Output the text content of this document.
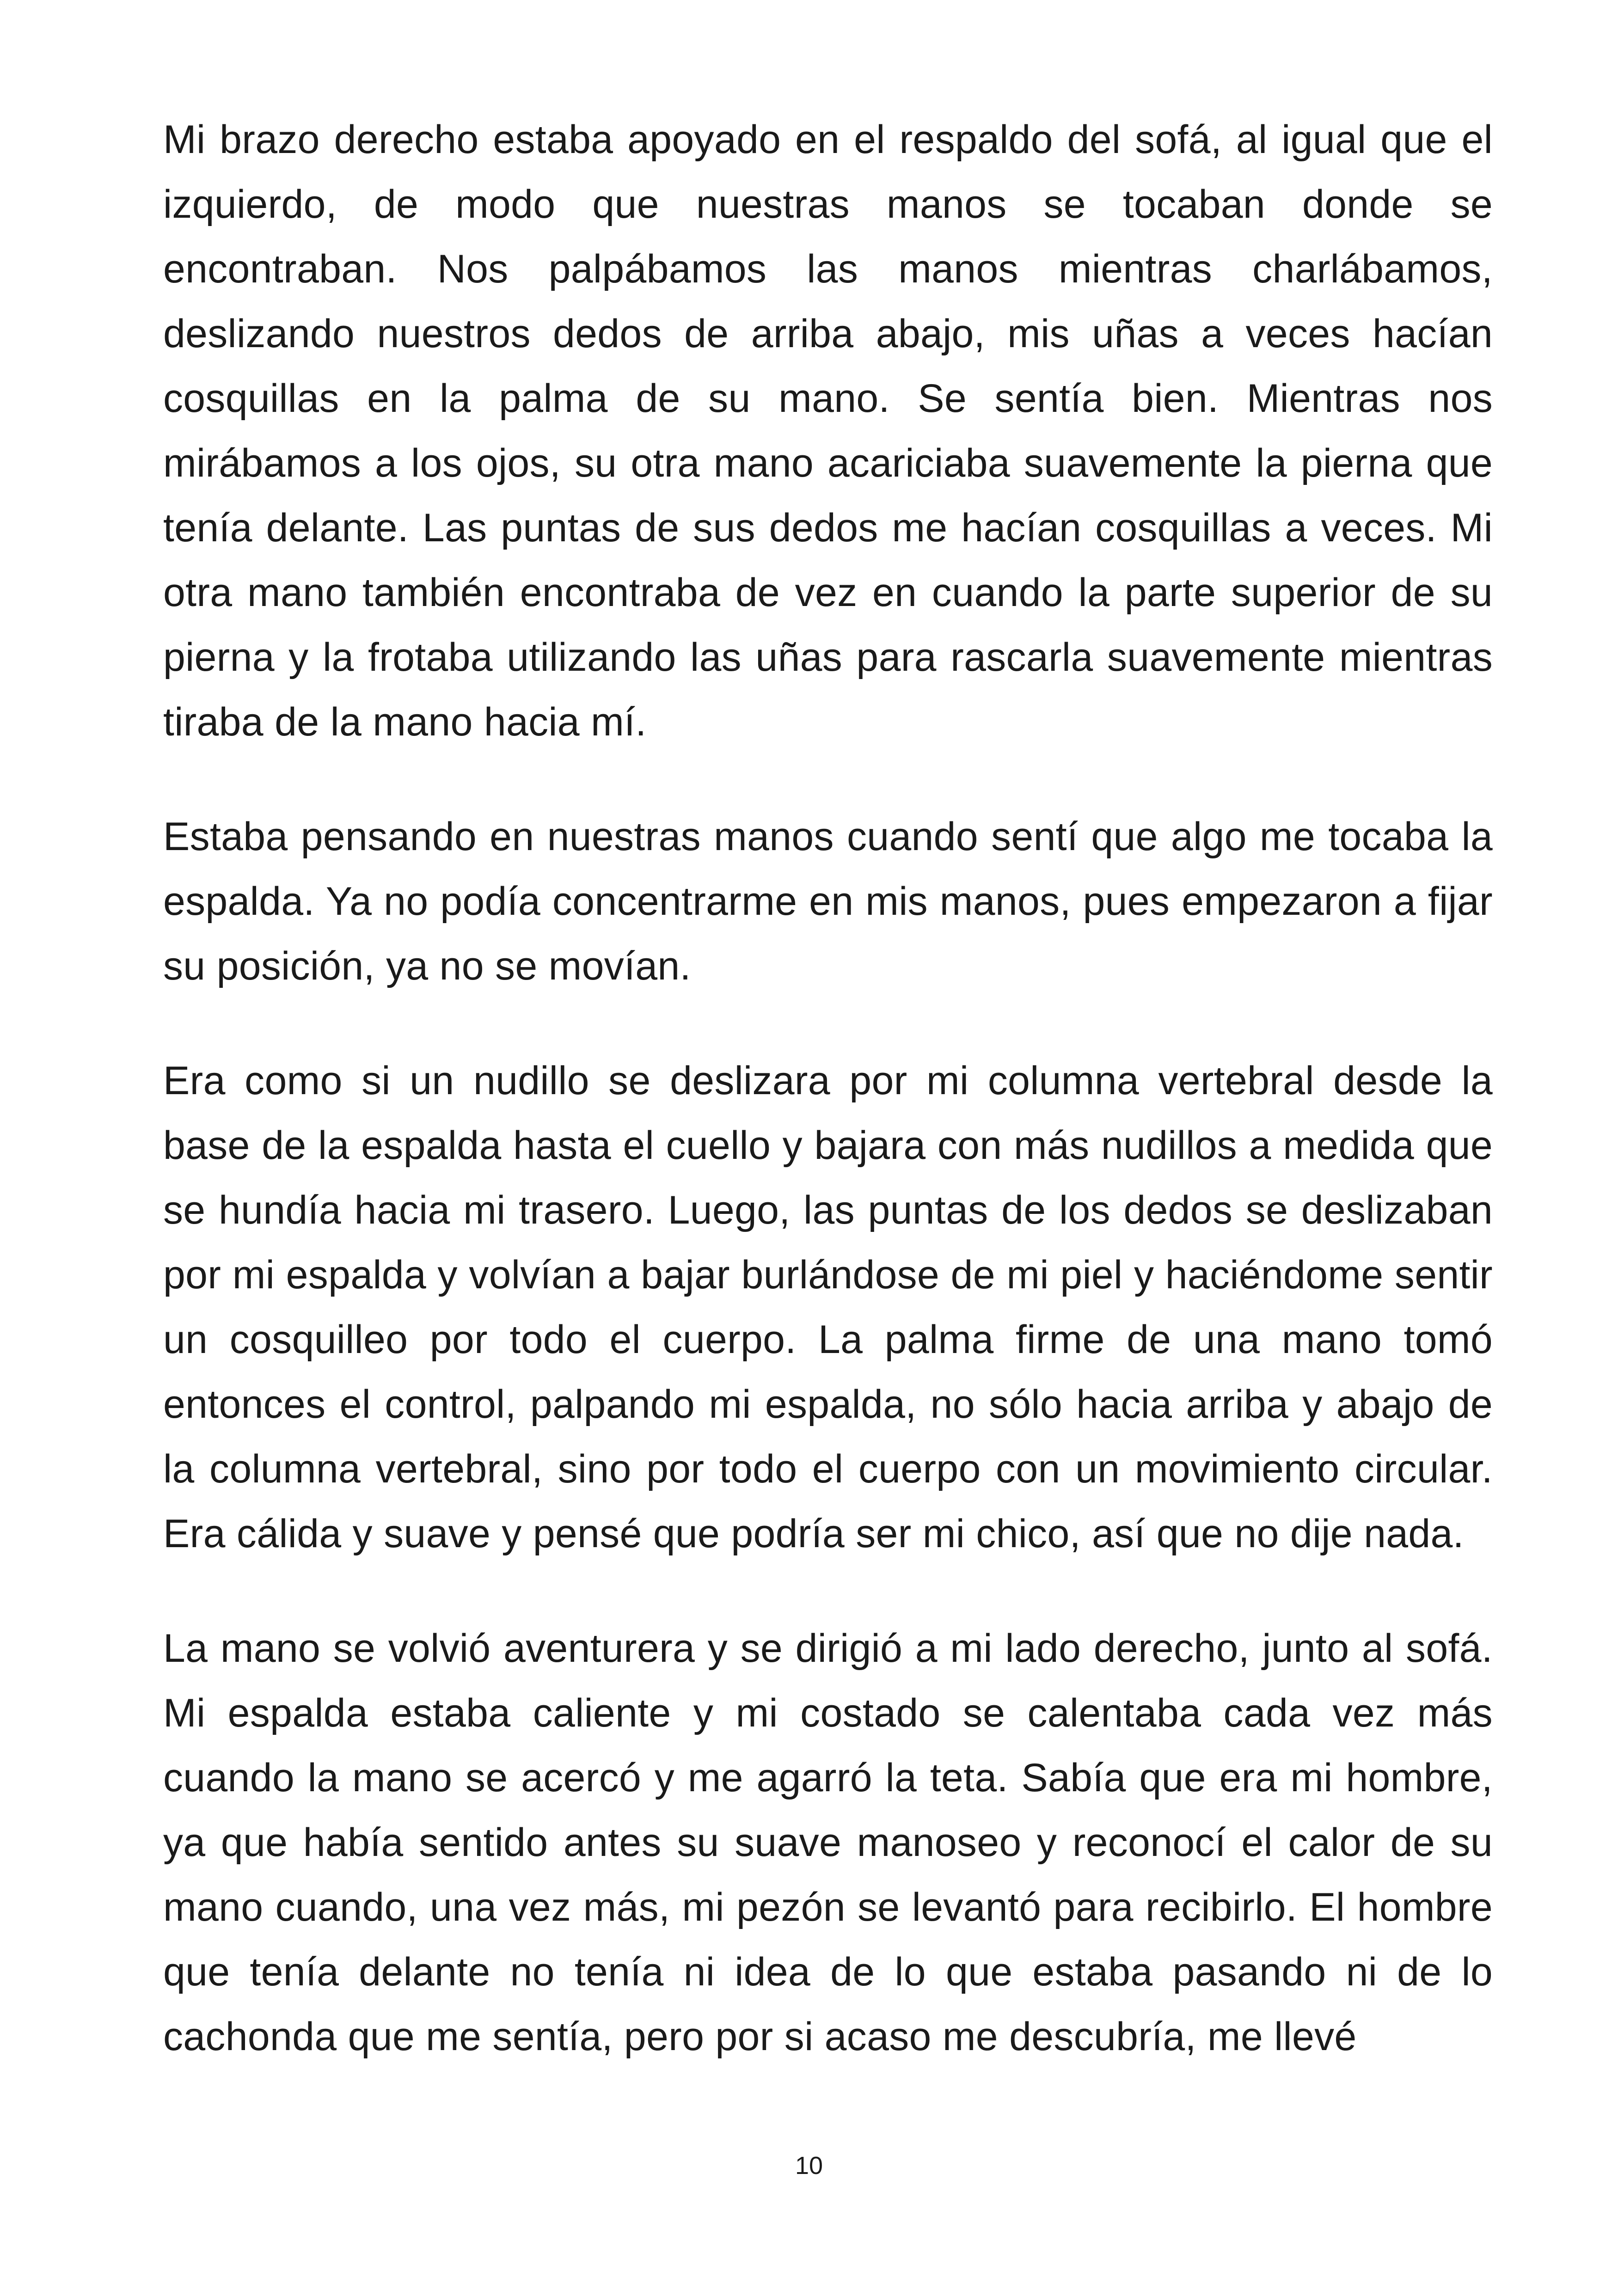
Mi brazo derecho estaba apoyado en el respaldo del sofá, al igual que el izquierdo, de modo que nuestras manos se tocaban donde se encontraban. Nos palpábamos las manos mientras charlábamos, deslizando nuestros dedos de arriba abajo, mis uñas a veces hacían cosquillas en la palma de su mano. Se sentía bien. Mientras nos mirábamos a los ojos, su otra mano acariciaba suavemente la pierna que tenía delante. Las puntas de sus dedos me hacían cosquillas a veces. Mi otra mano también encontraba de vez en cuando la parte superior de su pierna y la frotaba utilizando las uñas para rascarla suavemente mientras tiraba de la mano hacia mí.

Estaba pensando en nuestras manos cuando sentí que algo me tocaba la espalda. Ya no podía concentrarme en mis manos, pues empezaron a fijar su posición, ya no se movían.

Era como si un nudillo se deslizara por mi columna vertebral desde la base de la espalda hasta el cuello y bajara con más nudillos a medida que se hundía hacia mi trasero. Luego, las puntas de los dedos se deslizaban por mi espalda y volvían a bajar burlándose de mi piel y haciéndome sentir un cosquilleo por todo el cuerpo. La palma firme de una mano tomó entonces el control, palpando mi espalda, no sólo hacia arriba y abajo de la columna vertebral, sino por todo el cuerpo con un movimiento circular. Era cálida y suave y pensé que podría ser mi chico, así que no dije nada.

La mano se volvió aventurera y se dirigió a mi lado derecho, junto al sofá. Mi espalda estaba caliente y mi costado se calentaba cada vez más cuando la mano se acercó y me agarró la teta. Sabía que era mi hombre, ya que había sentido antes su suave manoseo y reconocí el calor de su mano cuando, una vez más, mi pezón se levantó para recibirlo. El hombre que tenía delante no tenía ni idea de lo que estaba pasando ni de lo cachonda que me sentía, pero por si acaso me descubría, me llevé

10
